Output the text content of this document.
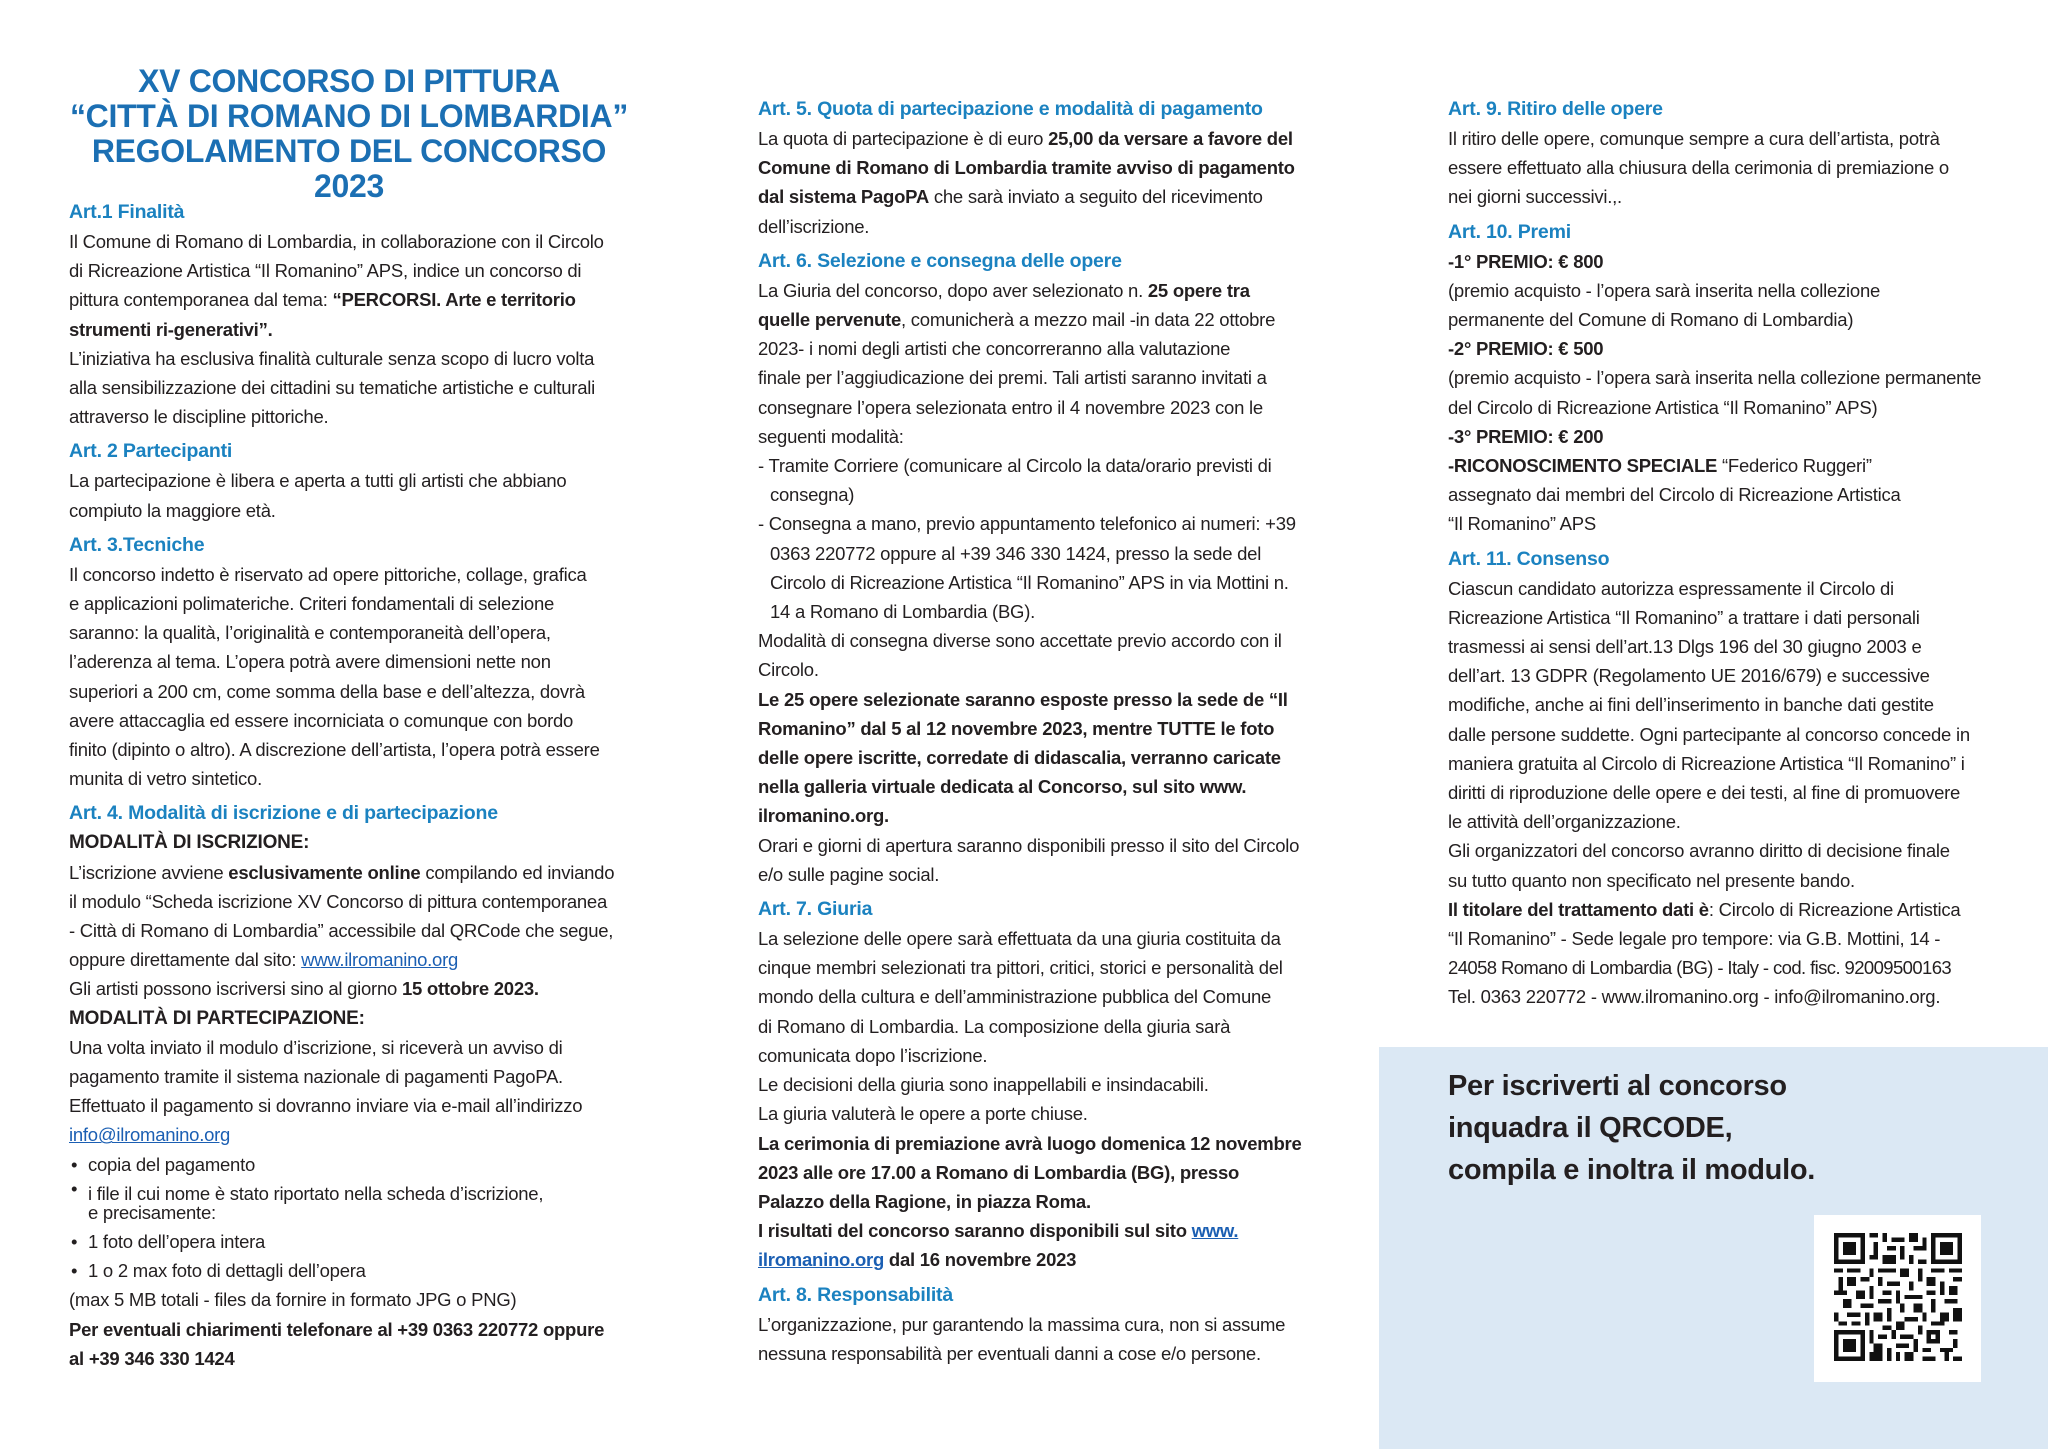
XV CONCORSO DI PITTURA
“CITTÀ DI ROMANO DI LOMBARDIA”
REGOLAMENTO DEL CONCORSO 2023

Art.1 Finalità

Il Comune di Romano di Lombardia, in collaborazione con il Circolo

di Ricreazione Artistica “Il Romanino” APS, indice un concorso di

pittura contemporanea dal tema: “PERCORSI. Arte e territorio

strumenti ri-generativi”.

L’iniziativa ha esclusiva finalità culturale senza scopo di lucro volta

alla sensibilizzazione dei cittadini su tematiche artistiche e culturali

attraverso le discipline pittoriche.

Art. 2 Partecipanti

La partecipazione è libera e aperta a tutti gli artisti che abbiano

compiuto la maggiore età.

Art. 3.Tecniche

Il concorso indetto è riservato ad opere pittoriche, collage, grafica

e applicazioni polimateriche. Criteri fondamentali di selezione

saranno: la qualità, l’originalità e contemporaneità dell’opera,

l’aderenza al tema. L’opera potrà avere dimensioni nette non

superiori a 200 cm, come somma della base e dell’altezza, dovrà

avere attaccaglia ed essere incorniciata o comunque con bordo

finito (dipinto o altro). A discrezione dell’artista, l’opera potrà essere

munita di vetro sintetico.

Art. 4. Modalità di iscrizione e di partecipazione

MODALITÀ DI ISCRIZIONE:

L’iscrizione avviene esclusivamente online compilando ed inviando

il modulo “Scheda iscrizione XV Concorso di pittura contemporanea

- Città di Romano di Lombardia” accessibile dal QRCode che segue,

oppure direttamente dal sito: www.ilromanino.org

Gli artisti possono iscriversi sino al giorno 15 ottobre 2023.

MODALITÀ DI PARTECIPAZIONE:

Una volta inviato il modulo d’iscrizione, si riceverà un avviso di

pagamento tramite il sistema nazionale di pagamenti PagoPA.

Effettuato il pagamento si dovranno inviare via e-mail all’indirizzo

info@ilromanino.org

• copia del pagamento

• i file il cui nome è stato riportato nella scheda d’iscrizione,

e precisamente:

• 1 foto dell’opera intera

• 1 o 2 max foto di dettagli dell’opera

(max 5 MB totali - files da fornire in formato JPG o PNG)

Per eventuali chiarimenti telefonare al +39 0363 220772 oppure

al +39 346 330 1424

Art. 5. Quota di partecipazione e modalità di pagamento

La quota di partecipazione è di euro 25,00 da versare a favore del

Comune di Romano di Lombardia tramite avviso di pagamento

dal sistema PagoPA che sarà inviato a seguito del ricevimento

dell’iscrizione.

Art. 6. Selezione e consegna delle opere

La Giuria del concorso, dopo aver selezionato n. 25 opere tra

quelle pervenute, comunicherà a mezzo mail -in data 22 ottobre

2023- i nomi degli artisti che concorreranno alla valutazione

finale per l’aggiudicazione dei premi. Tali artisti saranno invitati a

consegnare l’opera selezionata entro il 4 novembre 2023 con le

seguenti modalità:

- Tramite Corriere (comunicare al Circolo la data/orario previsti di

consegna)

- Consegna a mano, previo appuntamento telefonico ai numeri: +39

0363 220772 oppure al +39 346 330 1424, presso la sede del

Circolo di Ricreazione Artistica “Il Romanino” APS in via Mottini n.

14 a Romano di Lombardia (BG).

Modalità di consegna diverse sono accettate previo accordo con il

Circolo.

Le 25 opere selezionate saranno esposte presso la sede de “Il

Romanino” dal 5 al 12 novembre 2023, mentre TUTTE le foto

delle opere iscritte, corredate di didascalia, verranno caricate

nella galleria virtuale dedicata al Concorso, sul sito www.

ilromanino.org.

Orari e giorni di apertura saranno disponibili presso il sito del Circolo

e/o sulle pagine social.

Art. 7. Giuria

La selezione delle opere sarà effettuata da una giuria costituita da

cinque membri selezionati tra pittori, critici, storici e personalità del

mondo della cultura e dell’amministrazione pubblica del Comune

di Romano di Lombardia. La composizione della giuria sarà

comunicata dopo l’iscrizione.

Le decisioni della giuria sono inappellabili e insindacabili.

La giuria valuterà le opere a porte chiuse.

La cerimonia di premiazione avrà luogo domenica 12 novembre

2023 alle ore 17.00 a Romano di Lombardia (BG), presso

Palazzo della Ragione, in piazza Roma.

I risultati del concorso saranno disponibili sul sito www.

ilromanino.org dal 16 novembre 2023

Art. 8. Responsabilità

L’organizzazione, pur garantendo la massima cura, non si assume

nessuna responsabilità per eventuali danni a cose e/o persone.

Art. 9. Ritiro delle opere

Il ritiro delle opere, comunque sempre a cura dell’artista, potrà

essere effettuato alla chiusura della cerimonia di premiazione o

nei giorni successivi.,.

Art. 10. Premi

-1° PREMIO: € 800

(premio acquisto - l’opera sarà inserita nella collezione

permanente del Comune di Romano di Lombardia)

-2° PREMIO: € 500

(premio acquisto - l’opera sarà inserita nella collezione permanente

del Circolo di Ricreazione Artistica “Il Romanino” APS)

-3° PREMIO: € 200

-RICONOSCIMENTO SPECIALE “Federico Ruggeri”

assegnato dai membri del Circolo di Ricreazione Artistica

“Il Romanino” APS

Art. 11. Consenso

Ciascun candidato autorizza espressamente il Circolo di

Ricreazione Artistica “Il Romanino” a trattare i dati personali

trasmessi ai sensi dell’art.13 Dlgs 196 del 30 giugno 2003 e

dell’art. 13 GDPR (Regolamento UE 2016/679) e successive

modifiche, anche ai fini dell’inserimento in banche dati gestite

dalle persone suddette. Ogni partecipante al concorso concede in

maniera gratuita al Circolo di Ricreazione Artistica “Il Romanino” i

diritti di riproduzione delle opere e dei testi, al fine di promuovere

le attività dell’organizzazione.

Gli organizzatori del concorso avranno diritto di decisione finale

su tutto quanto non specificato nel presente bando.

Il titolare del trattamento dati è: Circolo di Ricreazione Artistica

“Il Romanino” - Sede legale pro tempore: via G.B. Mottini, 14 -

24058 Romano di Lombardia (BG) - Italy - cod. fisc. 92009500163

Tel. 0363 220772 - www.ilromanino.org - info@ilromanino.org.

Per iscriverti al concorso
inquadra il QRCODE,
compila e inoltra il modulo.
